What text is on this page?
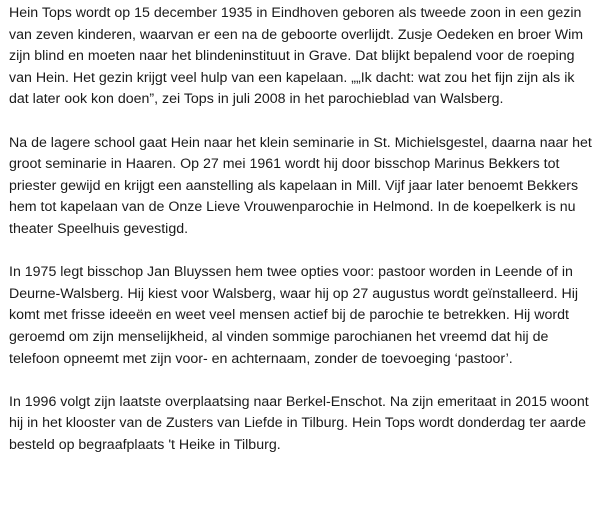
Hein Tops wordt op 15 december 1935 in Eindhoven geboren als tweede zoon in een gezin van zeven kinderen, waarvan er een na de geboorte overlijdt. Zusje Oedeken en broer Wim zijn blind en moeten naar het blindeninstituut in Grave. Dat blijkt bepalend voor de roeping van Hein. Het gezin krijgt veel hulp van een kapelaan. „„Ik dacht: wat zou het fijn zijn als ik dat later ook kon doen”, zei Tops in juli 2008 in het parochieblad van Walsberg.

Na de lagere school gaat Hein naar het klein seminarie in St. Michielsgestel, daarna naar het groot seminarie in Haaren. Op 27 mei 1961 wordt hij door bisschop Marinus Bekkers tot priester gewijd en krijgt een aanstelling als kapelaan in Mill. Vijf jaar later benoemt Bekkers hem tot kapelaan van de Onze Lieve Vrouwenparochie in Helmond. In de koepelkerk is nu theater Speelhuis gevestigd.

In 1975 legt bisschop Jan Bluyssen hem twee opties voor: pastoor worden in Leende of in Deurne-Walsberg. Hij kiest voor Walsberg, waar hij op 27 augustus wordt geïnstalleerd. Hij komt met frisse ideeën en weet veel mensen actief bij de parochie te betrekken. Hij wordt geroemd om zijn menselijkheid, al vinden sommige parochianen het vreemd dat hij de telefoon opneemt met zijn voor- en achternaam, zonder de toevoeging ‘pastoor’.

In 1996 volgt zijn laatste overplaatsing naar Berkel-Enschot. Na zijn emeritaat in 2015 woont hij in het klooster van de Zusters van Liefde in Tilburg. Hein Tops wordt donderdag ter aarde besteld op begraafplaats 't Heike in Tilburg.
